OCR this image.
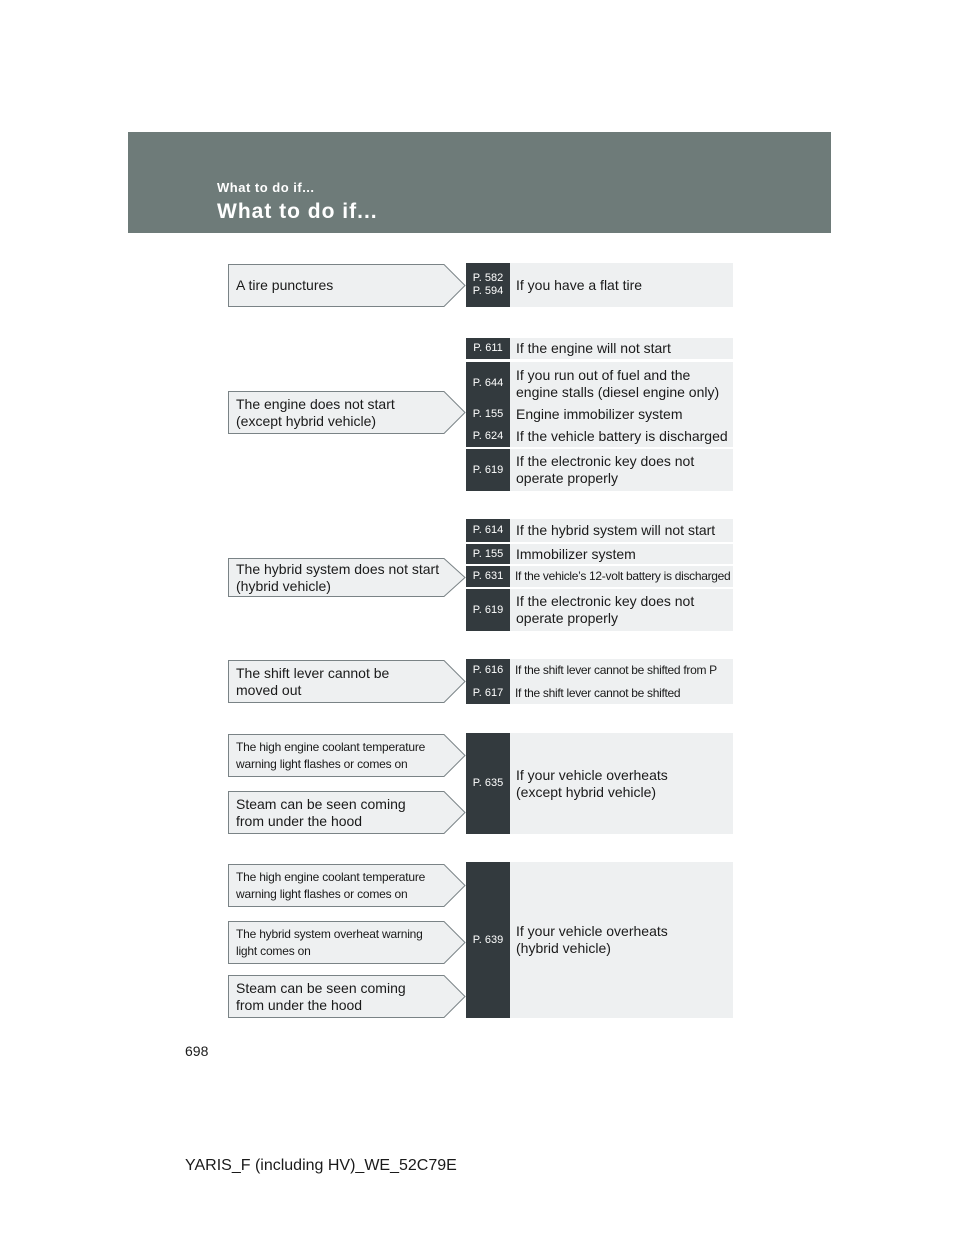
What to do if...
What to do if...
P. 582
P. 594 If you have a flat tire
A tire punctures
P. 611 If the engine will not start
P. 644
If you run out of fuel and the
engine stalls (diesel engine only)
P. 155 Engine immobilizer system
P. 624 If the vehicle battery is discharged
P. 619
If the electronic key does not
operate properly
The engine does not start
(except hybrid vehicle)
P. 614 If the hybrid system will not start
P. 155 Immobilizer system
P. 631 If the vehicle’s 12-volt battery is discharged
P. 619
If the electronic key does not
operate properly
The hybrid system does not start
(hybrid vehicle)
P. 616 If the shift lever cannot be shifted from P
P. 617 If the shift lever cannot be shifted
The shift lever cannot be
moved out
P. 635
If your vehicle overheats
(except hybrid vehicle)
The high engine coolant temperature
warning light flashes or comes on
Steam can be seen coming
from under the hood
P. 639
If your vehicle overheats
(hybrid vehicle)
The high engine coolant temperature
warning light flashes or comes on
The hybrid system overheat warning
light comes on
Steam can be seen coming
from under the hood
698
YARIS_F (including HV)_WE_52C79E
